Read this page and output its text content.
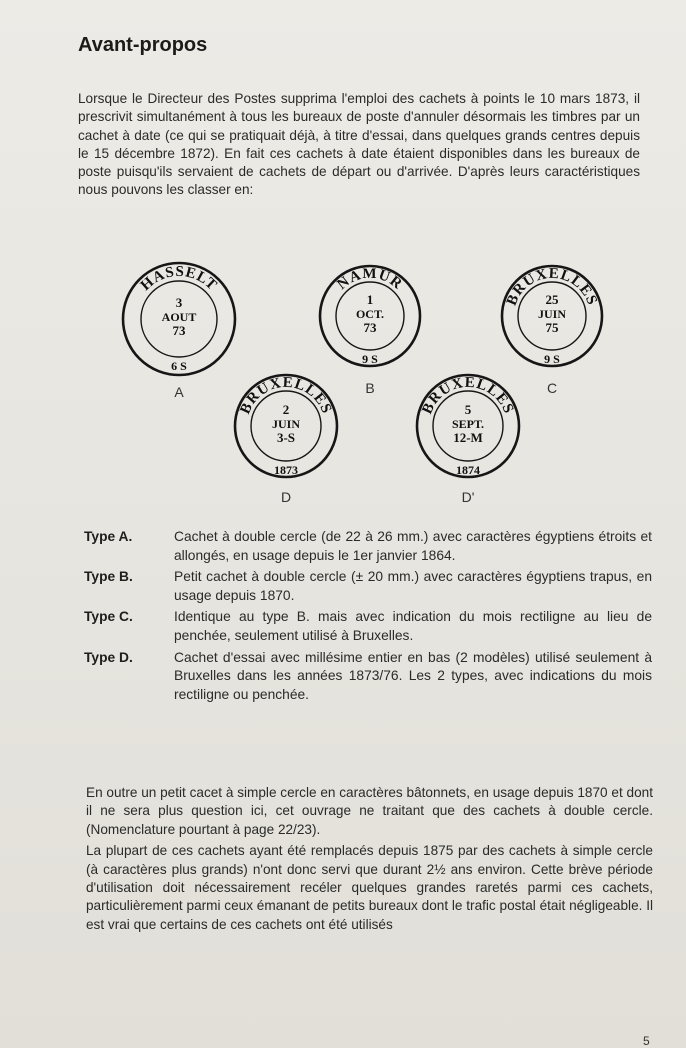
Avant-propos

Lorsque le Directeur des Postes supprima l'emploi des cachets à points le 10 mars 1873, il prescrivit simultanément à tous les bureaux de poste d'annuler désormais les timbres par un cachet à date (ce qui se pratiquait déjà, à titre d'essai, dans quelques grands centres depuis le 15 décembre 1872). En fait ces cachets à date étaient disponibles dans les bureaux de poste puisqu'ils servaient de cachets de départ ou d'arrivée. D'après leurs caractéristiques nous pouvons les classer en:

HASSELT
3
AOUT
73
6 S
A
NAMUR
1
OCT.
73
9 S
B
BRUXELLES
25
JUIN
75
9 S
C
BRUXELLES
2
JUIN
3-S
1873
D
BRUXELLES
5
SEPT.
12-M
1874
D'
Type A.	Cachet à double cercle (de 22 à 26 mm.) avec caractères égyptiens étroits et allongés, en usage depuis le 1er janvier 1864.
Type B.	Petit cachet à double cercle (± 20 mm.) avec caractères égyptiens trapus, en usage depuis 1870.
Type C.	Identique au type B. mais avec indication du mois rectiligne au lieu de penchée, seulement utilisé à Bruxelles.
Type D.	Cachet d'essai avec millésime entier en bas (2 modèles) utilisé seulement à Bruxelles dans les années 1873/76. Les 2 types, avec indications du mois rectiligne ou penchée.

En outre un petit cacet à simple cercle en caractères bâtonnets, en usage depuis 1870 et dont il ne sera plus question ici, cet ouvrage ne traitant que des cachets à double cercle. (Nomenclature pourtant à page 22/23).

La plupart de ces cachets ayant été remplacés depuis 1875 par des cachets à simple cercle (à caractères plus grands) n'ont donc servi que durant 2½ ans environ. Cette brève période d'utilisation doit nécessairement recéler quelques grandes raretés parmi ces cachets, particulièrement parmi ceux émanant de petits bureaux dont le trafic postal était négligeable. Il est vrai que certains de ces cachets ont été utilisés

5
